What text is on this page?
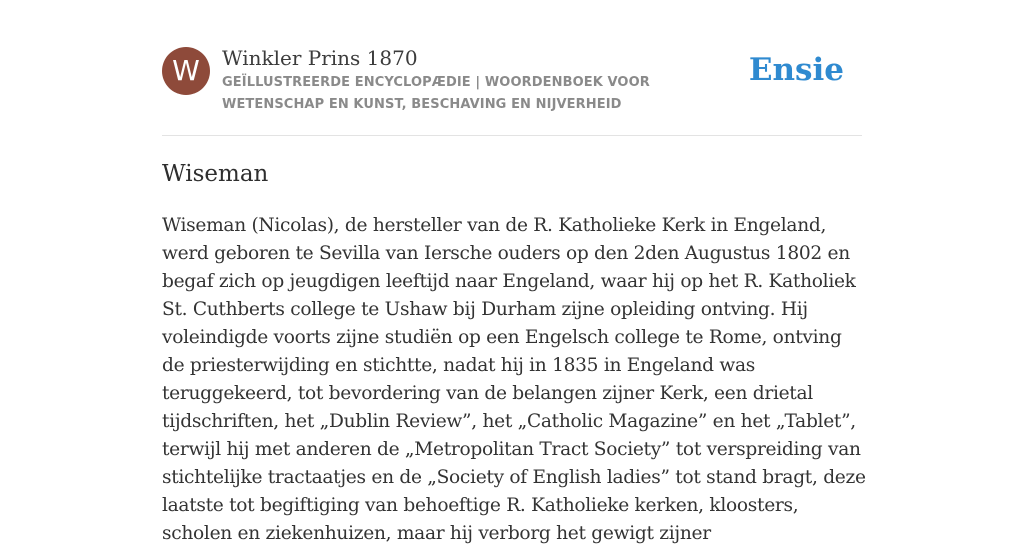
W	Winkler Prins 1870
GEÏLLUSTREERDE ENCYCLOPÆDIE | WOORDENBOEK VOOR WETENSCHAP EN KUNST, BESCHAVING EN NIJVERHEID
Ensie
Wiseman

Wiseman (Nicolas), de hersteller van de R. Katholieke Kerk in Engeland, werd geboren te Sevilla van Iersche ouders op den 2den Augustus 1802 en begaf zich op jeugdigen leeftijd naar Engeland, waar hij op het R. Katholiek St. Cuthberts college te Ushaw bij Durham zijne opleiding ontving. Hij voleindigde voorts zijne studiën op een Engelsch college te Rome, ontving de priesterwijding en stichtte, nadat hij in 1835 in Engeland was teruggekeerd, tot bevordering van de belangen zijner Kerk, een drietal tijdschriften, het „Dublin Review”, het „Catholic Magazine” en het „Tablet”, terwijl hij met anderen de „Metropolitan Tract Society” tot verspreiding van stichtelijke tractaatjes en de „Society of English ladies” tot stand bragt, deze laatste tot begiftiging van behoeftige R. Katholieke kerken, kloosters, scholen en ziekenhuizen, maar hij verborg het gewigt zijner
